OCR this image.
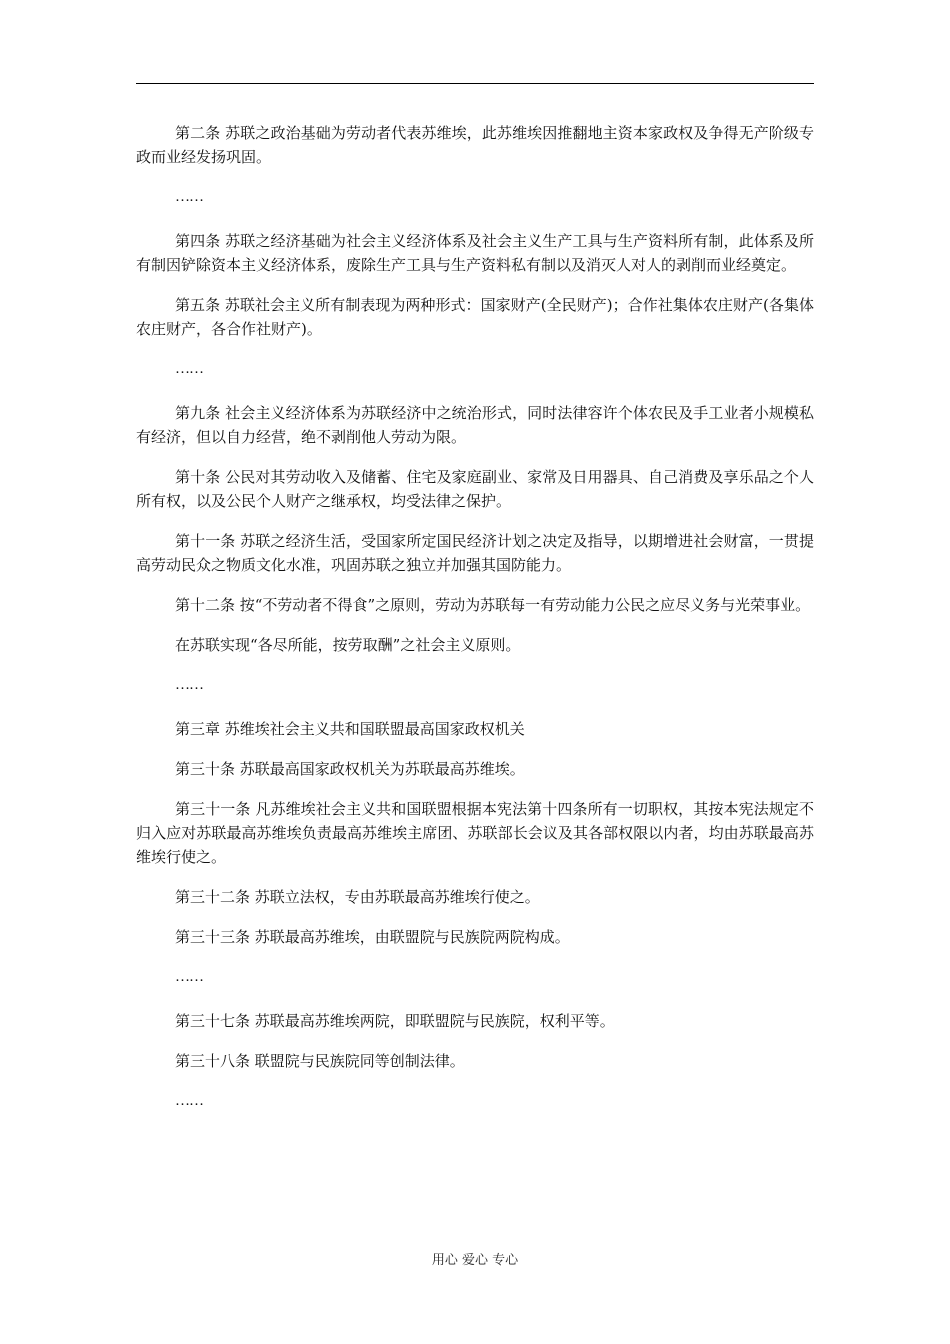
第二条 苏联之政治基础为劳动者代表苏维埃，此苏维埃因推翻地主资本家政权及争得无产阶级专政而业经发扬巩固。

……

第四条 苏联之经济基础为社会主义经济体系及社会主义生产工具与生产资料所有制，此体系及所有制因铲除资本主义经济体系，废除生产工具与生产资料私有制以及消灭人对人的剥削而业经奠定。

第五条 苏联社会主义所有制表现为两种形式：国家财产(全民财产)；合作社集体农庄财产(各集体农庄财产，各合作社财产)。

……

第九条 社会主义经济体系为苏联经济中之统治形式，同时法律容许个体农民及手工业者小规模私有经济，但以自力经营，绝不剥削他人劳动为限。

第十条 公民对其劳动收入及储蓄、住宅及家庭副业、家常及日用器具、自己消费及享乐品之个人所有权，以及公民个人财产之继承权，均受法律之保护。

第十一条 苏联之经济生活，受国家所定国民经济计划之决定及指导，以期增进社会财富，一贯提高劳动民众之物质文化水准，巩固苏联之独立并加强其国防能力。

第十二条 按“不劳动者不得食”之原则，劳动为苏联每一有劳动能力公民之应尽义务与光荣事业。

在苏联实现“各尽所能，按劳取酬”之社会主义原则。

……

第三章 苏维埃社会主义共和国联盟最高国家政权机关

第三十条 苏联最高国家政权机关为苏联最高苏维埃。

第三十一条 凡苏维埃社会主义共和国联盟根据本宪法第十四条所有一切职权，其按本宪法规定不归入应对苏联最高苏维埃负责最高苏维埃主席团、苏联部长会议及其各部权限以内者，均由苏联最高苏维埃行使之。

第三十二条 苏联立法权，专由苏联最高苏维埃行使之。

第三十三条 苏联最高苏维埃，由联盟院与民族院两院构成。

……

第三十七条 苏联最高苏维埃两院，即联盟院与民族院，权利平等。

第三十八条 联盟院与民族院同等创制法律。

……

用心 爱心 专心
